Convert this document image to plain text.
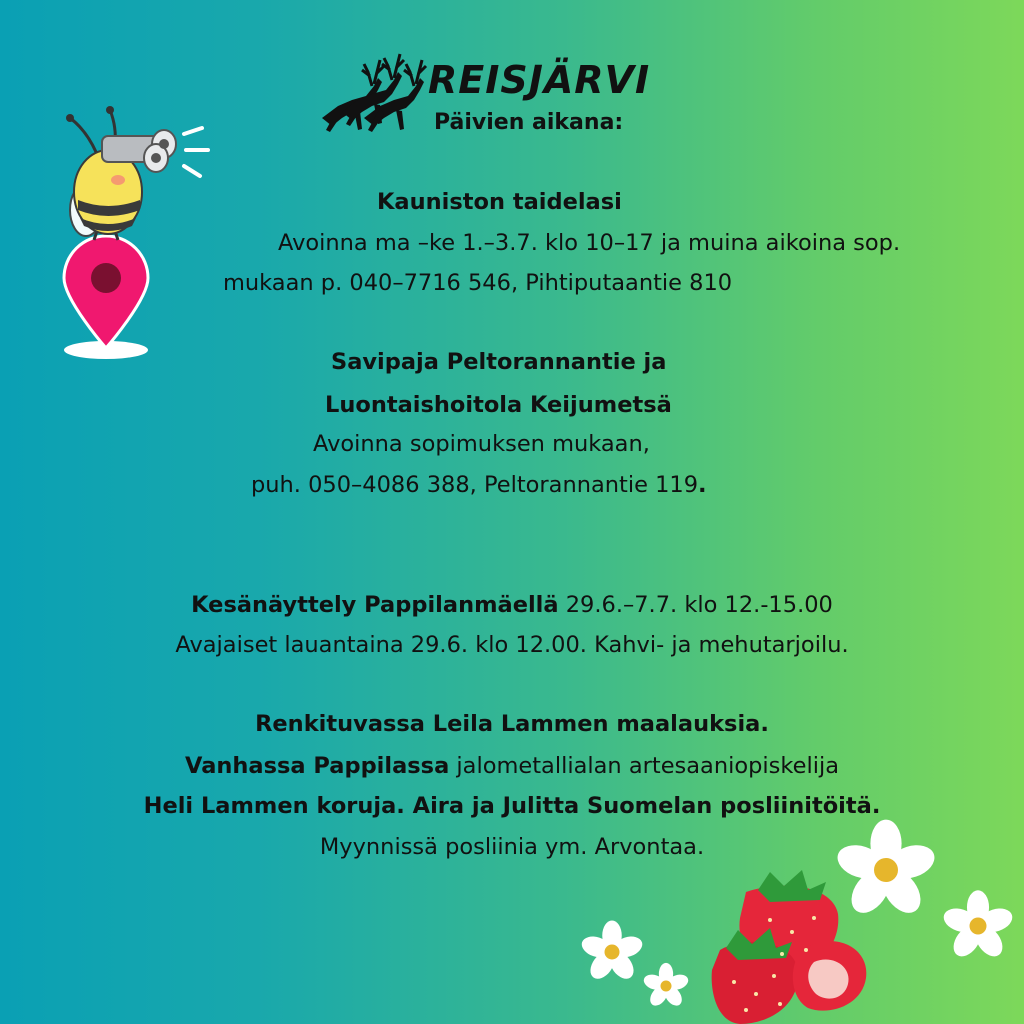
REISJÄRVI
Päivien aikana:
Kauniston taidelasi
Avoinna ma –ke 1.–3.7. klo 10–17 ja muina aikoina sop.
mukaan p. 040–7716 546, Pihtiputaantie 810
Savipaja Peltorannantie ja
Luontaishoitola Keijumetsä
Avoinna sopimuksen mukaan,
puh. 050–4086 388, Peltorannantie 119.
Kesänäyttely Pappilanmäellä 29.6.–7.7. klo 12.-15.00
Avajaiset lauantaina 29.6. klo 12.00. Kahvi- ja mehutarjoilu.
Renkituvassa Leila Lammen maalauksia.
Vanhassa Pappilassa jalometallialan artesaaniopiskelija
Heli Lammen koruja. Aira ja Julitta Suomelan posliinitöitä.
Myynnissä posliinia ym. Arvontaa.
